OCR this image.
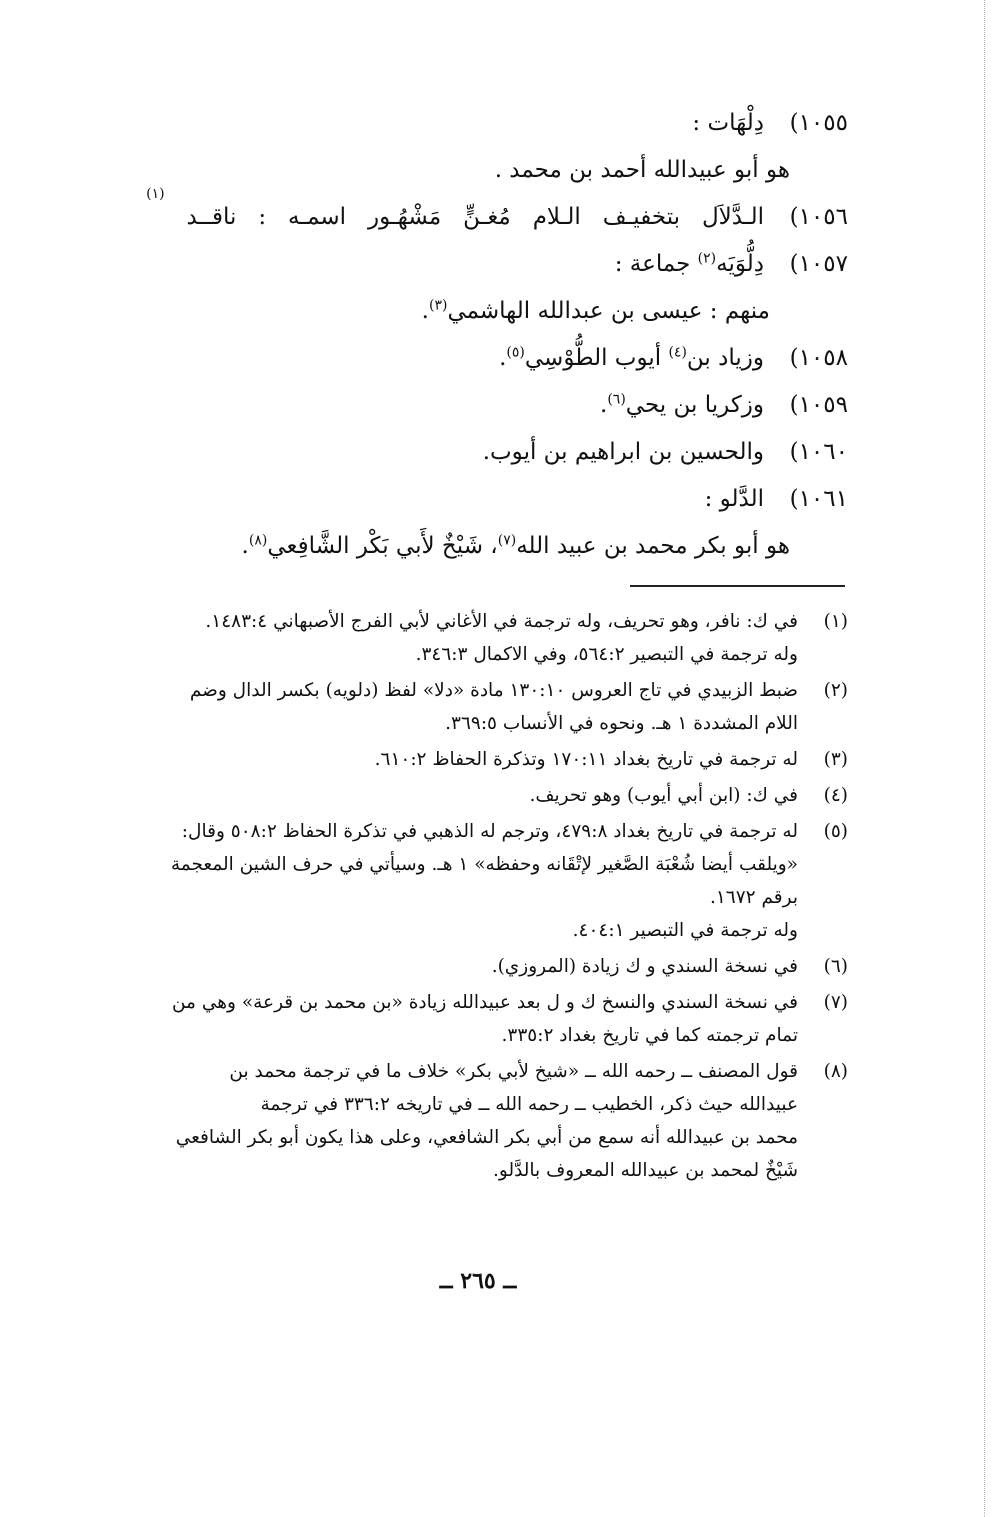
١٠٥٥)
دِلْهَات :
هو أبو عبيدالله أحمد بن محمد .
١٠٥٦)
الـدَّلاَل
بتخفيـف
الـلام
مُغـنٍّ
مَشْهُـور
اسمـه
:
ناقــد
(١)
١٠٥٧)
دِلُّوَيَه$^{(٢)}$ جماعة :
منهم : عيسى بن عبدالله الهاشمي$^{(٣)}$.
١٠٥٨)
وزياد بن$^{(٤)}$ أيوب الطُّوْسِي$^{(٥)}$.
١٠٥٩)
وزكريا بن يحي$^{(٦)}$.
١٠٦٠)
والحسين بن ابراهيم بن أيوب.
١٠٦١)
الدَّلو :
هو أبو بكر محمد بن عبيد الله$^{(٧)}$، شَيْخٌ لأَبي بَكْر الشَّافِعي$^{(٨)}$.
(١)
في ك: نافر، وهو تحريف، وله ترجمة في الأغاني لأبي الفرج الأصبهاني ١٤٨٣:٤.
وله ترجمة في التبصير ٥٦٤:٢، وفي الاكمال ٣٤٦:٣.
(٢)
ضبط الزبيدي في تاج العروس ١٣٠:١٠ مادة «دلا» لفظ (دلويه) بكسر الدال وضم
اللام المشددة ١ هـ. ونحوه في الأنساب ٣٦٩:٥.
(٣)
له ترجمة في تاريخ بغداد ١٧٠:١١ وتذكرة الحفاظ ٦١٠:٢.
(٤)
في ك: (ابن أبي أيوب) وهو تحريف.
(٥)
له ترجمة في تاريخ بغداد ٤٧٩:٨، وترجم له الذهبي في تذكرة الحفاظ ٥٠٨:٢ وقال:
«ويلقب أيضا شُعْبَة الصَّغير لإتْقَانه وحفظه» ١ هـ. وسيأتي في حرف الشين المعجمة
برقم ١٦٧٢.
وله ترجمة في التبصير ٤٠٤:١.
(٦)
في نسخة السندي و ك زيادة (المروزي).
(٧)
في نسخة السندي والنسخ ك و ل بعد عبيدالله زيادة «بن محمد بن قرعة» وهي من
تمام ترجمته كما في تاريخ بغداد ٣٣٥:٢.
(٨)
قول المصنف ــ رحمه الله ــ «شيخ لأبي بكر» خلاف ما في ترجمة محمد بن
عبيدالله حيث ذكر، الخطيب ــ رحمه الله ــ في تاريخه ٣٣٦:٢ في ترجمة
محمد بن عبيدالله أنه سمع من أبي بكر الشافعي، وعلى هذا يكون أبو بكر الشافعي
شَيْخٌ لمحمد بن عبيدالله المعروف بالدَّلو.
ــ ٢٦٥ ــ
